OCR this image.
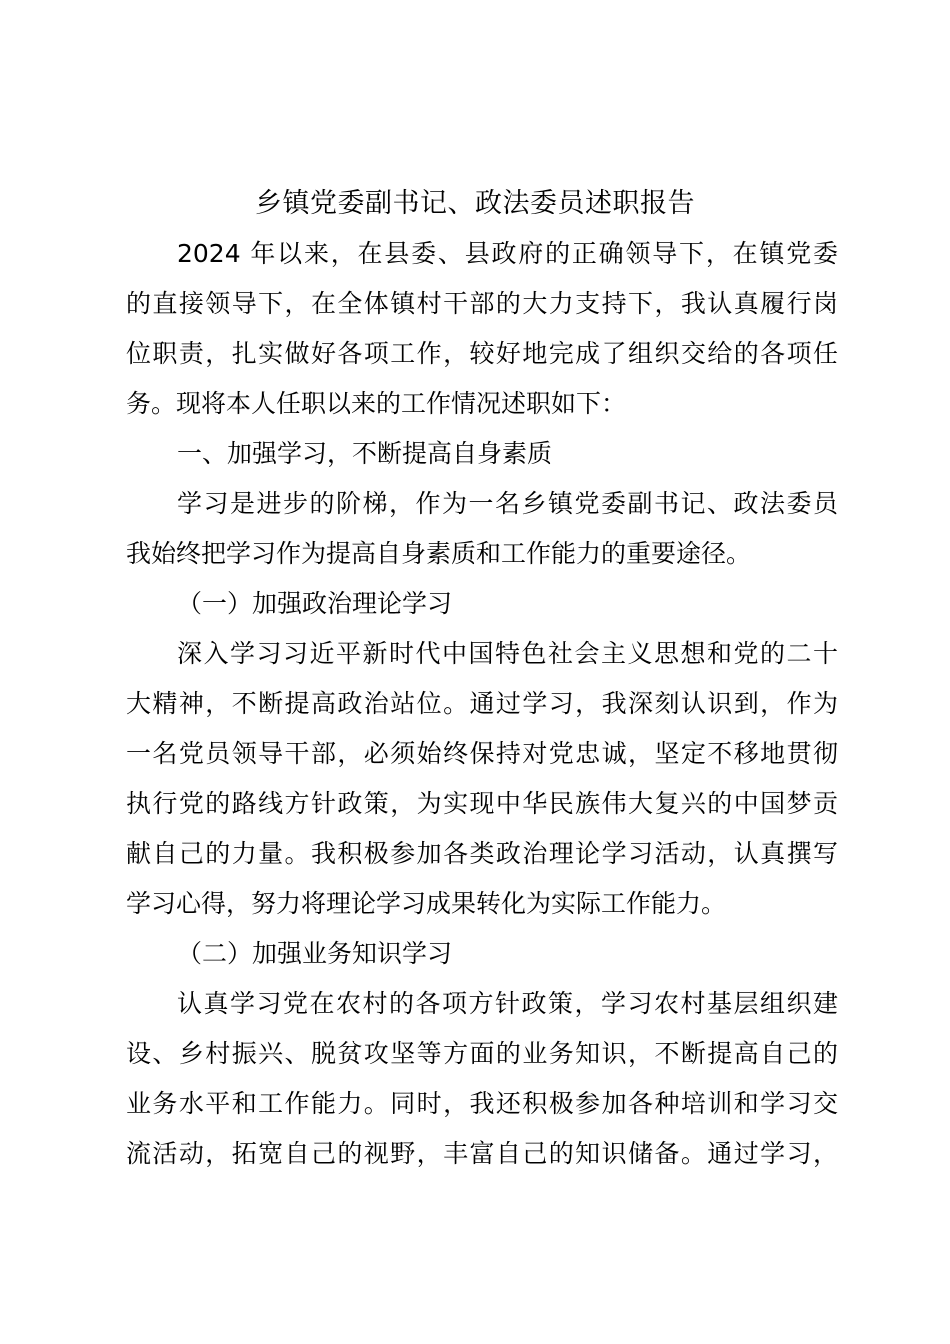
乡镇党委副书记、政法委员述职报告
2024 年以来，在县委、县政府的正确领导下，在镇党委
的直接领导下，在全体镇村干部的大力支持下，我认真履行岗
位职责，扎实做好各项工作，较好地完成了组织交给的各项任
务。现将本人任职以来的工作情况述职如下：
一、加强学习，不断提高自身素质
学习是进步的阶梯，作为一名乡镇党委副书记、政法委员
我始终把学习作为提高自身素质和工作能力的重要途径。
（一）加强政治理论学习
深入学习习近平新时代中国特色社会主义思想和党的二十
大精神，不断提高政治站位。通过学习，我深刻认识到，作为
一名党员领导干部，必须始终保持对党忠诚，坚定不移地贯彻
执行党的路线方针政策，为实现中华民族伟大复兴的中国梦贡
献自己的力量。我积极参加各类政治理论学习活动，认真撰写
学习心得，努力将理论学习成果转化为实际工作能力。
（二）加强业务知识学习
认真学习党在农村的各项方针政策，学习农村基层组织建
设、乡村振兴、脱贫攻坚等方面的业务知识，不断提高自己的
业务水平和工作能力。同时，我还积极参加各种培训和学习交
流活动，拓宽自己的视野，丰富自己的知识储备。通过学习，
